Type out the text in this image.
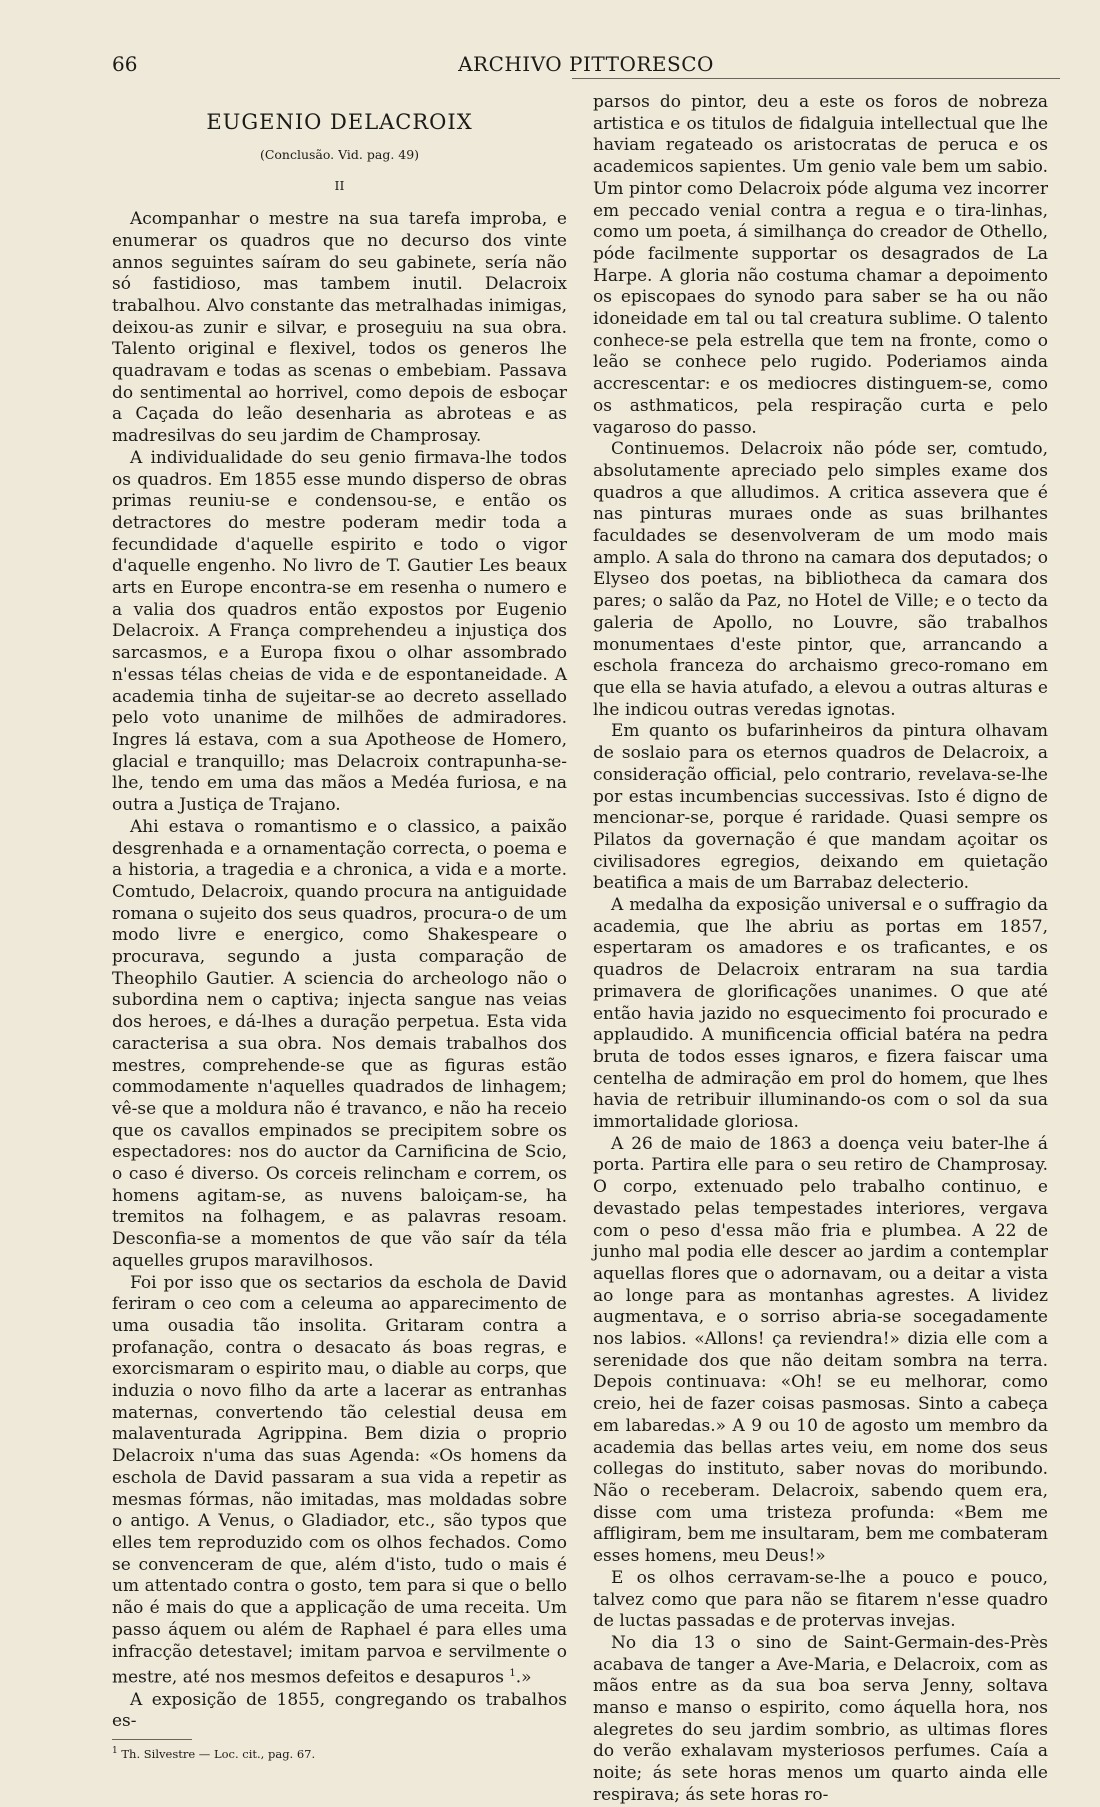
66	ARCHIVO PITTORESCO
EUGENIO DELACROIX
(Conclusão. Vid. pag. 49)
II

Acompanhar o mestre na sua tarefa improba, e enumerar os quadros que no decurso dos vinte annos seguintes saíram do seu gabinete, sería não só fastidioso, mas tambem inutil. Delacroix trabalhou. Alvo constante das metralhadas inimigas, deixou-as zunir e silvar, e proseguiu na sua obra. Talento original e flexivel, todos os generos lhe quadravam e todas as scenas o embebiam. Passava do sentimental ao horrivel, como depois de esboçar a Caçada do leão desenharia as abroteas e as madresilvas do seu jardim de Champrosay.

A individualidade do seu genio firmava-lhe todos os quadros. Em 1855 esse mundo disperso de obras primas reuniu-se e condensou-se, e então os detractores do mestre poderam medir toda a fecundidade d'aquelle espirito e todo o vigor d'aquelle engenho. No livro de T. Gautier Les beaux arts en Europe encontra-se em resenha o numero e a valia dos quadros então expostos por Eugenio Delacroix. A França comprehendeu a injustiça dos sarcasmos, e a Europa fixou o olhar assombrado n'essas télas cheias de vida e de espontaneidade. A academia tinha de sujeitar-se ao decreto assellado pelo voto unanime de milhões de admiradores. Ingres lá estava, com a sua Apotheose de Homero, glacial e tranquillo; mas Delacroix contrapunha-se-lhe, tendo em uma das mãos a Medéa furiosa, e na outra a Justiça de Trajano.

Ahi estava o romantismo e o classico, a paixão desgrenhada e a ornamentação correcta, o poema e a historia, a tragedia e a chronica, a vida e a morte. Comtudo, Delacroix, quando procura na antiguidade romana o sujeito dos seus quadros, procura-o de um modo livre e energico, como Shakespeare o procurava, segundo a justa comparação de Theophilo Gautier. A sciencia do archeologo não o subordina nem o captiva; injecta sangue nas veias dos heroes, e dá-lhes a duração perpetua. Esta vida caracterisa a sua obra. Nos demais trabalhos dos mestres, comprehende-se que as figuras estão commodamente n'aquelles quadrados de linhagem; vê-se que a moldura não é travanco, e não ha receio que os cavallos empinados se precipitem sobre os espectadores: nos do auctor da Carnificina de Scio, o caso é diverso. Os corceis relincham e correm, os homens agitam-se, as nuvens baloiçam-se, ha tremitos na folhagem, e as palavras resoam. Desconfia-se a momentos de que vão saír da téla aquelles grupos maravilhosos.

Foi por isso que os sectarios da eschola de David feriram o ceo com a celeuma ao apparecimento de uma ousadia tão insolita. Gritaram contra a profanação, contra o desacato ás boas regras, e exorcismaram o espirito mau, o diable au corps, que induzia o novo filho da arte a lacerar as entranhas maternas, convertendo tão celestial deusa em malaventurada Agrippina. Bem dizia o proprio Delacroix n'uma das suas Agenda: «Os homens da eschola de David passaram a sua vida a repetir as mesmas fórmas, não imitadas, mas moldadas sobre o antigo. A Venus, o Gladiador, etc., são typos que elles tem reproduzido com os olhos fechados. Como se convenceram de que, além d'isto, tudo o mais é um attentado contra o gosto, tem para si que o bello não é mais do que a applicação de uma receita. Um passo áquem ou além de Raphael é para elles uma infracção detestavel; imitam parvoa e servilmente o mestre, até nos mesmos defeitos e desapuros $^1$.»

A exposição de 1855, congregando os trabalhos es-

$^1$ Th. Silvestre — Loc. cit., pag. 67.

parsos do pintor, deu a este os foros de nobreza artistica e os titulos de fidalguia intellectual que lhe haviam regateado os aristocratas de peruca e os academicos sapientes. Um genio vale bem um sabio. Um pintor como Delacroix póde alguma vez incorrer em peccado venial contra a regua e o tira-linhas, como um poeta, á similhança do creador de Othello, póde facilmente supportar os desagrados de La Harpe. A gloria não costuma chamar a depoimento os episcopaes do synodo para saber se ha ou não idoneidade em tal ou tal creatura sublime. O talento conhece-se pela estrella que tem na fronte, como o leão se conhece pelo rugido. Poderiamos ainda accrescentar: e os mediocres distinguem-se, como os asthmaticos, pela respiração curta e pelo vagaroso do passo.

Continuemos. Delacroix não póde ser, comtudo, absolutamente apreciado pelo simples exame dos quadros a que alludimos. A critica assevera que é nas pinturas muraes onde as suas brilhantes faculdades se desenvolveram de um modo mais amplo. A sala do throno na camara dos deputados; o Elyseo dos poetas, na bibliotheca da camara dos pares; o salão da Paz, no Hotel de Ville; e o tecto da galeria de Apollo, no Louvre, são trabalhos monumentaes d'este pintor, que, arrancando a eschola franceza do archaismo greco-romano em que ella se havia atufado, a elevou a outras alturas e lhe indicou outras veredas ignotas.

Em quanto os bufarinheiros da pintura olhavam de soslaio para os eternos quadros de Delacroix, a consideração official, pelo contrario, revelava-se-lhe por estas incumbencias successivas. Isto é digno de mencionar-se, porque é raridade. Quasi sempre os Pilatos da governação é que mandam açoitar os civilisadores egregios, deixando em quietação beatifica a mais de um Barrabaz delecterio.

A medalha da exposição universal e o suffragio da academia, que lhe abriu as portas em 1857, espertaram os amadores e os traficantes, e os quadros de Delacroix entraram na sua tardia primavera de glorificações unanimes. O que até então havia jazido no esquecimento foi procurado e applaudido. A munificencia official batéra na pedra bruta de todos esses ignaros, e fizera faiscar uma centelha de admiração em prol do homem, que lhes havia de retribuir illuminando-os com o sol da sua immortalidade gloriosa.

A 26 de maio de 1863 a doença veiu bater-lhe á porta. Partira elle para o seu retiro de Champrosay. O corpo, extenuado pelo trabalho continuo, e devastado pelas tempestades interiores, vergava com o peso d'essa mão fria e plumbea. A 22 de junho mal podia elle descer ao jardim a contemplar aquellas flores que o adornavam, ou a deitar a vista ao longe para as montanhas agrestes. A lividez augmentava, e o sorriso abria-se socegadamente nos labios. «Allons! ça reviendra!» dizia elle com a serenidade dos que não deitam sombra na terra. Depois continuava: «Oh! se eu melhorar, como creio, hei de fazer coisas pasmosas. Sinto a cabeça em labaredas.» A 9 ou 10 de agosto um membro da academia das bellas artes veiu, em nome dos seus collegas do instituto, saber novas do moribundo. Não o receberam. Delacroix, sabendo quem era, disse com uma tristeza profunda: «Bem me affligiram, bem me insultaram, bem me combateram esses homens, meu Deus!»

E os olhos cerravam-se-lhe a pouco e pouco, talvez como que para não se fitarem n'esse quadro de luctas passadas e de protervas invejas.

No dia 13 o sino de Saint-Germain-des-Près acabava de tanger a Ave-Maria, e Delacroix, com as mãos entre as da sua boa serva Jenny, soltava manso e manso o espirito, como áquella hora, nos alegretes do seu jardim sombrio, as ultimas flores do verão exhalavam mysteriosos perfumes. Caía a noite; ás sete horas menos um quarto ainda elle respirava; ás sete horas ro-
